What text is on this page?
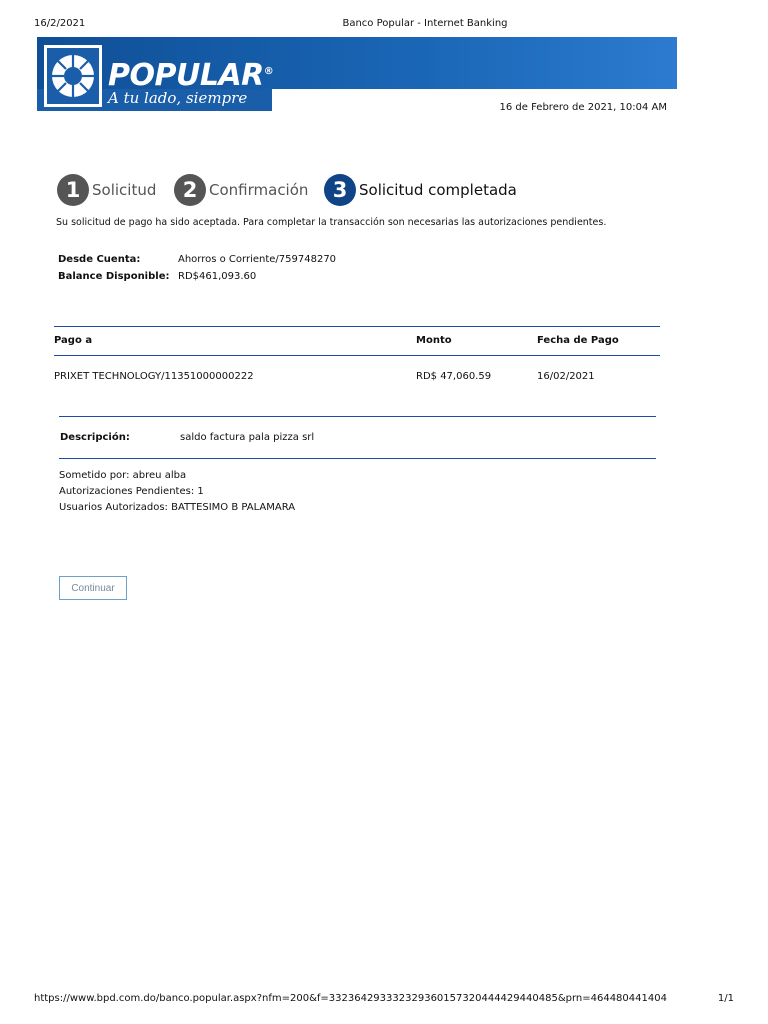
16/2/2021	Banco Popular - Internet Banking
POPULAR®
A tu lado, siempre
16 de Febrero de 2021, 10:04 AM
1 Solicitud	2 Confirmación	3 Solicitud completada
Su solicitud de pago ha sido aceptada. Para completar la transacción son necesarias las autorizaciones pendientes.
Desde Cuenta:	Ahorros o Corriente/759748270
Balance Disponible: RD$461,093.60
Pago a	Monto	Fecha de Pago
PRIXET TECHNOLOGY/11351000000222	RD$ 47,060.59	16/02/2021
Descripción:	saldo factura pala pizza srl
Sometido por: abreu alba
Autorizaciones Pendientes: 1
Usuarios Autorizados: BATTESIMO B PALAMARA
Continuar
https://www.bpd.com.do/banco.popular.aspx?nfm=200&f=332364293332329360157320444429440485&prn=464480441404	1/1
